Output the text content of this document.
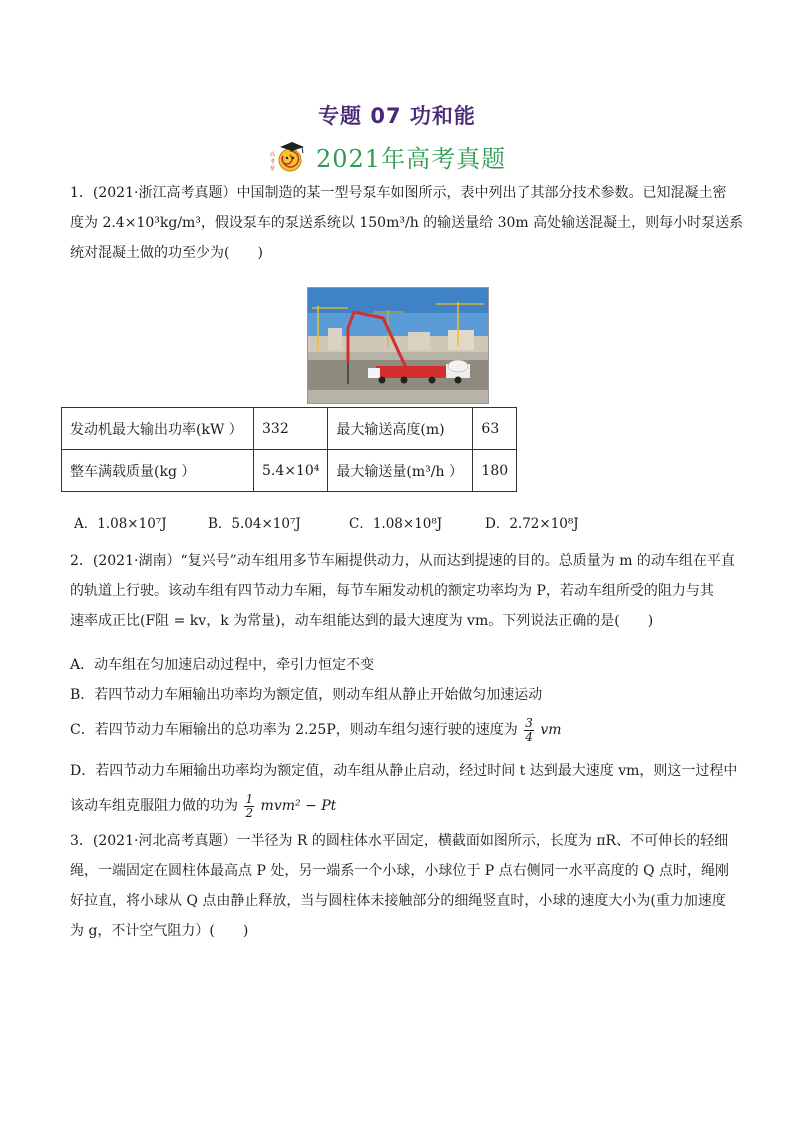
专题 07 功和能
高
考
帮 2021年高考真题
1．(2021·浙江高考真题）中国制造的某一型号泵车如图所示，表中列出了其部分技术参数。已知混凝土密
度为 2.4×10³kg/m³，假设泵车的泵送系统以 150m³/h 的输送量给 30m 高处输送混凝土，则每小时泵送系
统对混凝土做的功至少为(　　)
发动机最大输出功率(kW ）	332	最大输送高度(m)	63
整车满载质量(kg ）	5.4×10⁴	最大输送量(m³/h ）	180
A．1.08×10⁷J	B．5.04×10⁷J	C．1.08×10⁸J	D．2.72×10⁸J
2．(2021·湖南）“复兴号”动车组用多节车厢提供动力，从而达到提速的目的。总质量为 m 的动车组在平直
的轨道上行驶。该动车组有四节动力车厢，每节车厢发动机的额定功率均为 P，若动车组所受的阻力与其
速率成正比(F阻 = kv，k 为常量)，动车组能达到的最大速度为 vm。下列说法正确的是(　　)
A．动车组在匀加速启动过程中，牵引力恒定不变
B．若四节动力车厢输出功率均为额定值，则动车组从静止开始做匀加速运动
C．若四节动力车厢输出的总功率为 2.25P，则动车组匀速行驶的速度为 $\frac{3}{4}$ vm
D．若四节动力车厢输出功率均为额定值，动车组从静止启动，经过时间 t 达到最大速度 vm，则这一过程中
该动车组克服阻力做的功为 $\frac{1}{2} mvm^2 - Pt$
3．(2021·河北高考真题）一半径为 R 的圆柱体水平固定，横截面如图所示，长度为 πR、不可伸长的轻细
绳，一端固定在圆柱体最高点 P 处，另一端系一个小球，小球位于 P 点右侧同一水平高度的 Q 点时，绳刚
好拉直，将小球从 Q 点由静止释放，当与圆柱体未接触部分的细绳竖直时，小球的速度大小为(重力加速度
为 g，不计空气阻力）(　　)
